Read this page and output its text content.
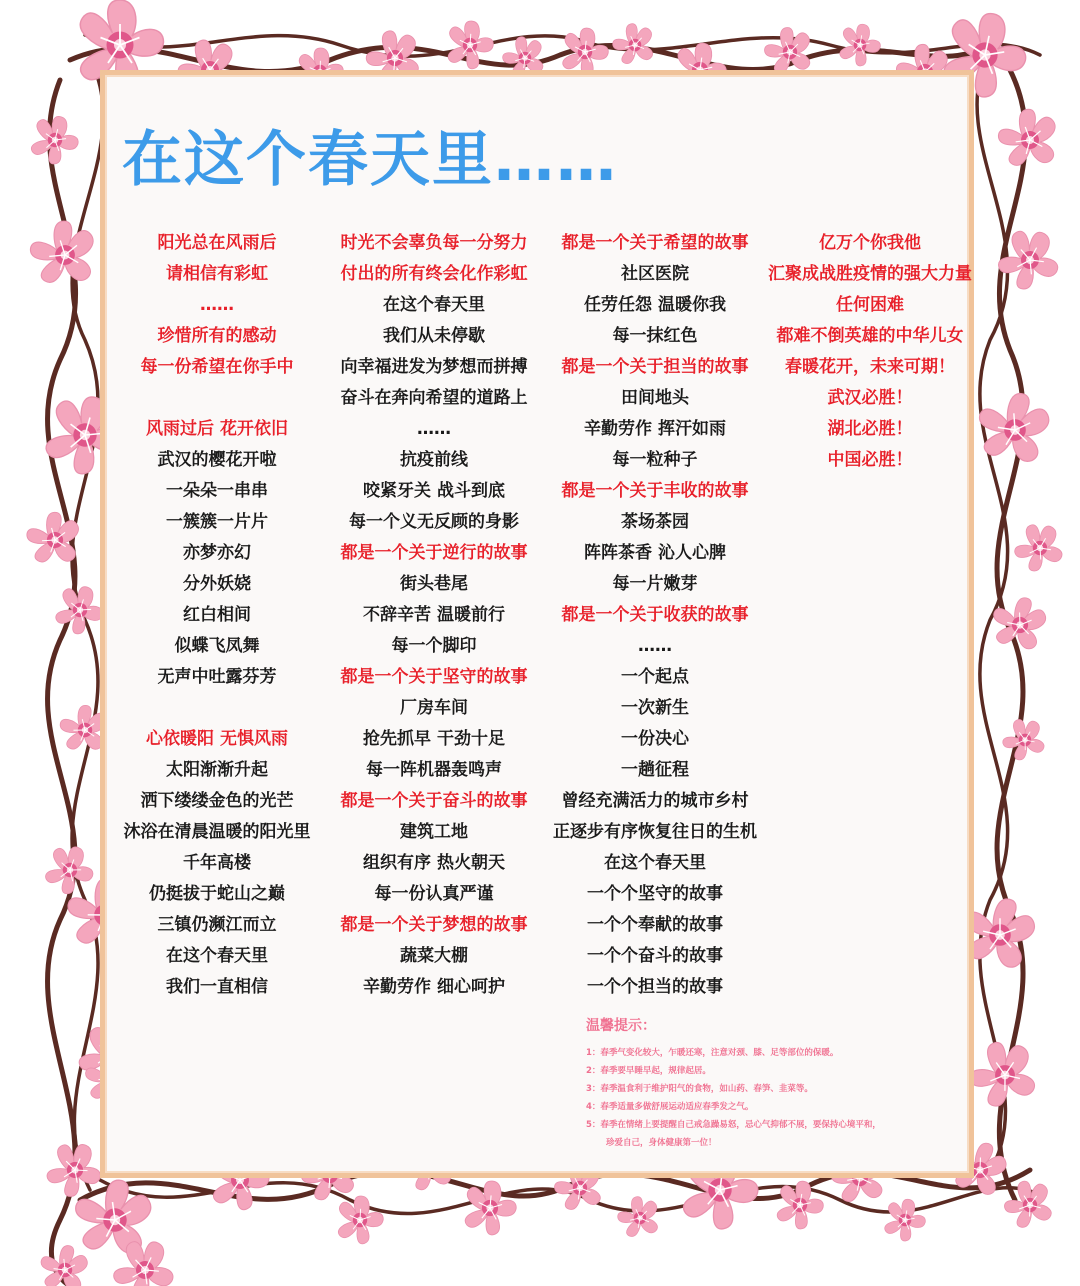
在这个春天里……
阳光总在风雨后
请相信有彩虹
……
珍惜所有的感动
每一份希望在你手中
风雨过后 花开依旧
武汉的樱花开啦
一朵朵一串串
一簇簇一片片
亦梦亦幻
分外妖娆
红白相间
似蝶飞凤舞
无声中吐露芬芳
心依暖阳 无惧风雨
太阳渐渐升起
洒下缕缕金色的光芒
沐浴在清晨温暖的阳光里
千年高楼
仍挺拔于蛇山之巅
三镇仍濒江而立
在这个春天里
我们一直相信
时光不会辜负每一分努力
付出的所有终会化作彩虹
在这个春天里
我们从未停歇
向幸福进发为梦想而拼搏
奋斗在奔向希望的道路上
……
抗疫前线
咬紧牙关 战斗到底
每一个义无反顾的身影
都是一个关于逆行的故事
街头巷尾
不辞辛苦 温暖前行
每一个脚印
都是一个关于坚守的故事
厂房车间
抢先抓早 干劲十足
每一阵机器轰鸣声
都是一个关于奋斗的故事
建筑工地
组织有序 热火朝天
每一份认真严谨
都是一个关于梦想的故事
蔬菜大棚
辛勤劳作 细心呵护
都是一个关于希望的故事
社区医院
任劳任怨 温暖你我
每一抹红色
都是一个关于担当的故事
田间地头
辛勤劳作 挥汗如雨
每一粒种子
都是一个关于丰收的故事
茶场茶园
阵阵茶香 沁人心脾
每一片嫩芽
都是一个关于收获的故事
……
一个起点
一次新生
一份决心
一趟征程
曾经充满活力的城市乡村
正逐步有序恢复往日的生机
在这个春天里
一个个坚守的故事
一个个奉献的故事
一个个奋斗的故事
一个个担当的故事
亿万个你我他
汇聚成战胜疫情的强大力量
任何困难
都难不倒英雄的中华儿女
春暖花开，未来可期！
武汉必胜！
湖北必胜！
中国必胜！
温馨提示：
1：春季气变化较大，乍暖还寒，注意对颈、膝、足等部位的保暖。
2：春季要早睡早起，规律起居。
3：春季温食利于维护阳气的食物，如山药、春笋、韭菜等。
4：春季适量多做舒展运动适应春季发之气。
5：春季在情绪上要提醒自己戒急躁易怒，忌心气抑郁不展，要保持心境平和，
珍爱自己，身体健康第一位！
